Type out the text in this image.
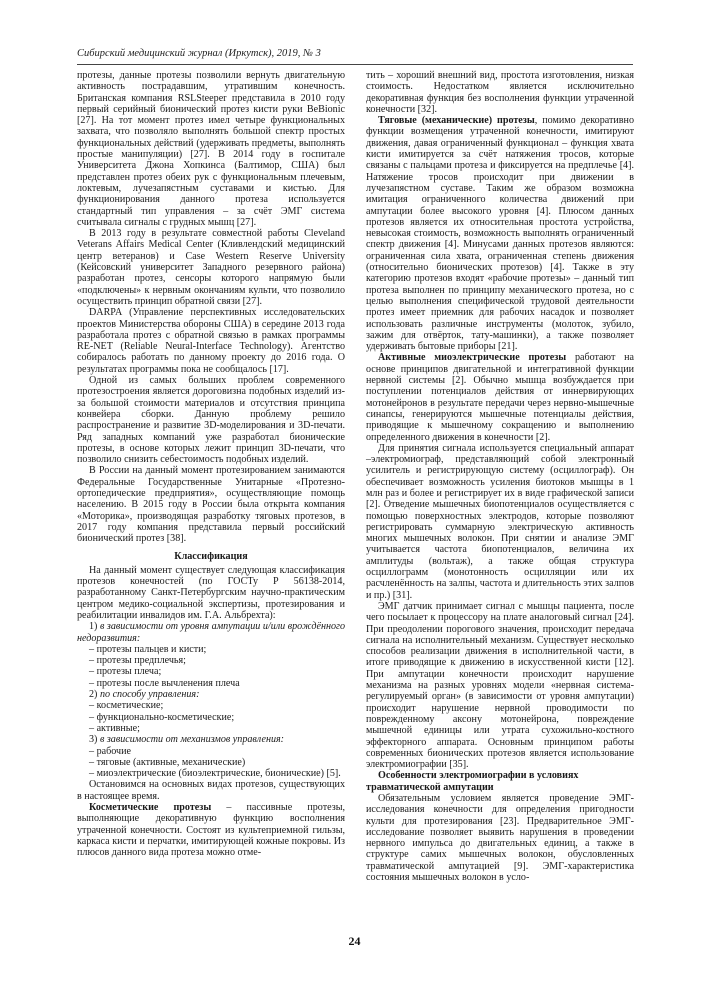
Сибирский медицинский журнал (Иркутск), 2019, № 3

протезы, данные протезы позволили вернуть двигательную активность пострадавшим, утратившим конечность. Британская компания RSLSteeper представила в 2010 году первый серийный бионический протез кисти руки BeBionic [27]. На тот момент протез имел четыре функциональных захвата, что позволяло выполнять большой спектр простых функциональных действий (удерживать предметы, выполнять простые манипуляции) [27]. В 2014 году в госпитале Университета Джона Хопкинса (Балтимор, США) был представлен протез обеих рук с функциональным плечевым, локтевым, лучезапястным суставами и кистью. Для функционирования данного протеза используется стандартный тип управления – за счёт ЭМГ система считывала сигналы с грудных мышц [27].

В 2013 году в результате совместной работы Cleveland Veterans Affairs Medical Center (Кливлендский медицинский центр ветеранов) и Case Western Reserve University (Кейсовский университет Западного резервного района) разработан протез, сенсоры которого напрямую были «подключены» к нервным окончаниям культи, что позволило осуществить принцип обратной связи [27].

DARPA (Управление перспективных исследовательских проектов Министерства обороны США) в середине 2013 года разработала протез с обратной связью в рамках программы RE-NET (Reliable Neural-Interface Technology). Агентство собиралось работать по данному проекту до 2016 года. О результатах программы пока не сообщалось [17].

Одной из самых больших проблем современного протезостроения является дороговизна подобных изделий из-за большой стоимости материалов и отсутствия принципа конвейера сборки. Данную проблему решило распространение и развитие 3D-моделирования и 3D-печати. Ряд западных компаний уже разработал бионические протезы, в основе которых лежит принцип 3D-печати, что позволило снизить себестоимость подобных изделий.

В России на данный момент протезированием занимаются Федеральные Государственные Унитарные «Протезно-ортопедические предприятия», осуществляющие помощь населению. В 2015 году в России была открыта компания «Моторика», производящая разработку тяговых протезов, в 2017 году компания представила первый российский бионический протез [38].

Классификация

На данный момент существует следующая классификация протезов конечностей (по ГОСТу Р 56138-2014, разработанному Санкт-Петербургским научно-практическим центром медико-социальной экспертизы, протезирования и реабилитации инвалидов им. Г.А. Альбрехта):

1) в зависимости от уровня ампутации и/или врождённого недоразвития:

– протезы пальцев и кисти;

– протезы предплечья;

– протезы плеча;

– протезы после вычленения плеча

2) по способу управления:

– косметические;

– функционально-косметические;

– активные;

3) в зависимости от механизмов управления:

– рабочие

– тяговые (активные, механические)

– миоэлектрические (биоэлектрические, бионические) [5].

Остановимся на основных видах протезов, существующих в настоящее время.

Косметические протезы – пассивные протезы, выполняющие декоративную функцию восполнения утраченной конечности. Состоят из культеприемной гильзы, каркаса кисти и перчатки, имитирующей кожные покровы. Из плюсов данного вида протеза можно отме-

тить – хороший внешний вид, простота изготовления, низкая стоимость. Недостатком является исключительно декоративная функция без восполнения функции утраченной конечности [32].

Тяговые (механические) протезы, помимо декоративно функции возмещения утраченной конечности, имитируют движения, давая ограниченный функционал – функция хвата кисти имитируется за счёт натяжения тросов, которые связаны с пальцами протеза и фиксируется на предплечье [4]. Натяжение тросов происходит при движении в лучезапястном суставе. Таким же образом возможна имитация ограниченного количества движений при ампутации более высокого уровня [4]. Плюсом данных протезов является их относительная простота устройства, невысокая стоимость, возможность выполнять ограниченный спектр движения [4]. Минусами данных протезов являются: ограниченная сила хвата, ограниченная степень движения (относительно бионических протезов) [4]. Также в эту категорию протезов входят «рабочие протезы» – данный тип протеза выполнен по принципу механического протеза, но с целью выполнения специфической трудовой деятельности протез имеет приемник для рабочих насадок и позволяет использовать различные инструменты (молоток, зубило, зажим для отвёрток, тату-машинки), а также позволяет удерживать бытовые приборы [21].

Активные миоэлектрические протезы работают на основе принципов двигательной и интегративной функции нервной системы [2]. Обычно мышца возбуждается при поступлении потенциалов действия от иннервирующих мотонейронов в результате передачи через нервно-мышечные синапсы, генерируются мышечные потенциалы действия, приводящие к мышечному сокращению и выполнению определенного движения в конечности [2].

Для принятия сигнала используется специальный аппарат –электромиограф, представляющий собой электронный усилитель и регистрирующую систему (осциллограф). Он обеспечивает возможность усиления биотоков мышцы в 1 млн раз и более и регистрирует их в виде графической записи [2]. Отведение мышечных биопотенциалов осуществляется с помощью поверхностных электродов, которые позволяют регистрировать суммарную электрическую активность многих мышечных волокон. При снятии и анализе ЭМГ учитывается частота биопотенциалов, величина их амплитуды (вольтаж), а также общая структура осциллограмм (монотонность осцилляции или их расчленённость на залпы, частота и длительность этих залпов и пр.) [31].

ЭМГ датчик принимает сигнал с мышцы пациента, после чего посылает к процессору на плате аналоговый сигнал [24]. При преодолении порогового значения, происходит передача сигнала на исполнительный механизм. Существует несколько способов реализации движения в исполнительной части, в итоге приводящие к движению в искусственной кисти [12]. При ампутации конечности происходит нарушение механизма на разных уровнях модели «нервная система- регулируемый орган» (в зависимости от уровня ампутации) происходит нарушение нервной проводимости по поврежденному аксону мотонейрона, повреждение мышечной единицы или утрата сухожильно-костного эффекторного аппарата. Основным принципом работы современных бионических протезов является использование электромиографии [35].

Особенности электромиографии в условиях травматической ампутации

Обязательным условием является проведение ЭМГ-исследования конечности для определения пригодности культи для протезирования [23]. Предварительное ЭМГ-исследование позволяет выявить нарушения в проведении нервного импульса до двигательных единиц, а также в структуре самих мышечных волокон, обусловленных травматической ампутацией [9]. ЭМГ-характеристика состояния мышечных волокон в усло-

24
